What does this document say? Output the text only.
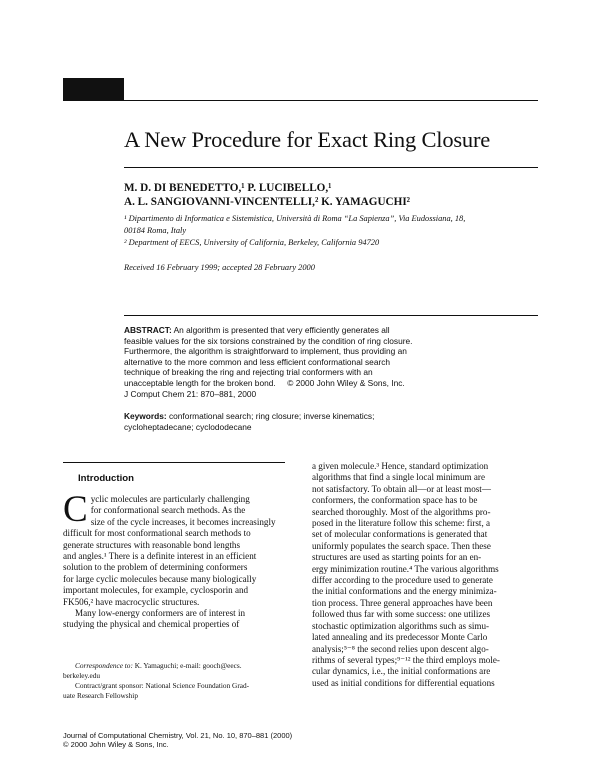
A New Procedure for Exact Ring Closure
M. D. DI BENEDETTO,¹ P. LUCIBELLO,¹
A. L. SANGIOVANNI-VINCENTELLI,² K. YAMAGUCHI²
¹ Dipartimento di Informatica e Sistemistica, Università di Roma “La Sapienza”, Via Eudossiana, 18,
00184 Roma, Italy
² Department of EECS, University of California, Berkeley, California 94720
Received 16 February 1999; accepted 28 February 2000
ABSTRACT: An algorithm is presented that very efficiently generates all
feasible values for the six torsions constrained by the condition of ring closure.
Furthermore, the algorithm is straightforward to implement, thus providing an
alternative to the more common and less efficient conformational search
technique of breaking the ring and rejecting trial conformers with an
unacceptable length for the broken bond.     © 2000 John Wiley & Sons, Inc.
J Comput Chem 21: 870–881, 2000
Keywords: conformational search; ring closure; inverse kinematics;
cycloheptadecane; cyclododecane
Introduction
C yclic molecules are particularly challenging
for conformational search methods. As the
size of the cycle increases, it becomes increasingly
difficult for most conformational search methods to
generate structures with reasonable bond lengths
and angles.¹ There is a definite interest in an efficient
solution to the problem of determining conformers
for large cyclic molecules because many biologically
important molecules, for example, cyclosporin and
FK506,² have macrocyclic structures.
Many low-energy conformers are of interest in
studying the physical and chemical properties of
a given molecule.³ Hence, standard optimization
algorithms that find a single local minimum are
not satisfactory. To obtain all—or at least most—
conformers, the conformation space has to be
searched thoroughly. Most of the algorithms pro-
posed in the literature follow this scheme: first, a
set of molecular conformations is generated that
uniformly populates the search space. Then these
structures are used as starting points for an en-
ergy minimization routine.⁴ The various algorithms
differ according to the procedure used to generate
the initial conformations and the energy minimiza-
tion process. Three general approaches have been
followed thus far with some success: one utilizes
stochastic optimization algorithms such as simu-
lated annealing and its predecessor Monte Carlo
analysis;⁵⁻⁸ the second relies upon descent algo-
rithms of several types;⁹⁻¹² the third employs mole-
cular dynamics, i.e., the initial conformations are
used as initial conditions for differential equations
Correspondence to: K. Yamaguchi; e-mail: gooch@eecs.
berkeley.edu
Contract/grant sponsor: National Science Foundation Grad-
uate Research Fellowship
Journal of Computational Chemistry, Vol. 21, No. 10, 870–881 (2000)
© 2000 John Wiley & Sons, Inc.
